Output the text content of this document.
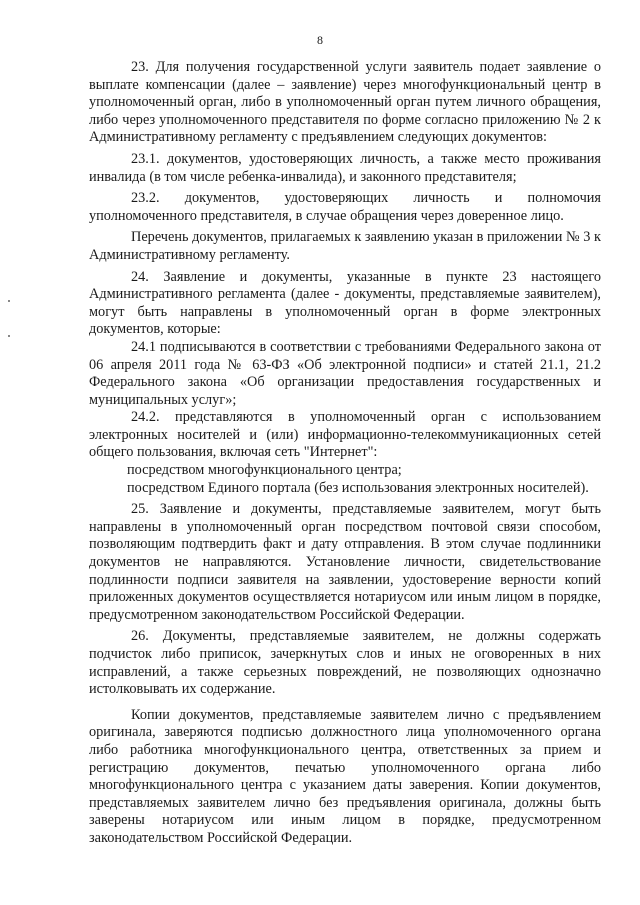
8

23. Для получения государственной услуги заявитель подает заявление о выплате компенсации (далее – заявление) через многофункциональный центр в уполномоченный орган, либо в уполномоченный орган путем личного обращения, либо через уполномоченного представителя по форме согласно приложению № 2 к Административному регламенту с предъявлением следующих документов:

23.1. документов, удостоверяющих личность, а также место проживания инвалида (в том числе ребенка-инвалида), и законного представителя;

23.2. документов, удостоверяющих личность и полномочия уполномоченного представителя, в случае обращения через доверенное лицо.

Перечень документов, прилагаемых к заявлению указан в приложении № 3 к Административному регламенту.

24. Заявление и документы, указанные в пункте 23 настоящего Административного регламента (далее - документы, представляемые заявителем), могут быть направлены в уполномоченный орган в форме электронных документов, которые:

24.1 подписываются в соответствии с требованиями Федерального закона от 06 апреля 2011 года № 63-ФЗ «Об электронной подписи» и статей 21.1, 21.2 Федерального закона «Об организации предоставления государственных и муниципальных услуг»;

24.2. представляются в уполномоченный орган с использованием электронных носителей и (или) информационно-телекоммуникационных сетей общего пользования, включая сеть "Интернет":

посредством многофункционального центра;

посредством Единого портала (без использования электронных носителей).

25. Заявление и документы, представляемые заявителем, могут быть направлены в уполномоченный орган посредством почтовой связи способом, позволяющим подтвердить факт и дату отправления. В этом случае подлинники документов не направляются. Установление личности, свидетельствование подлинности подписи заявителя на заявлении, удостоверение верности копий приложенных документов осуществляется нотариусом или иным лицом в порядке, предусмотренном законодательством Российской Федерации.

26. Документы, представляемые заявителем, не должны содержать подчисток либо приписок, зачеркнутых слов и иных не оговоренных в них исправлений, а также серьезных повреждений, не позволяющих однозначно истолковывать их содержание.

Копии документов, представляемые заявителем лично с предъявлением оригинала, заверяются подписью должностного лица уполномоченного органа либо работника многофункционального центра, ответственных за прием и регистрацию документов, печатью уполномоченного органа либо многофункционального центра с указанием даты заверения. Копии документов, представляемых заявителем лично без предъявления оригинала, должны быть заверены нотариусом или иным лицом в порядке, предусмотренном законодательством Российской Федерации.
